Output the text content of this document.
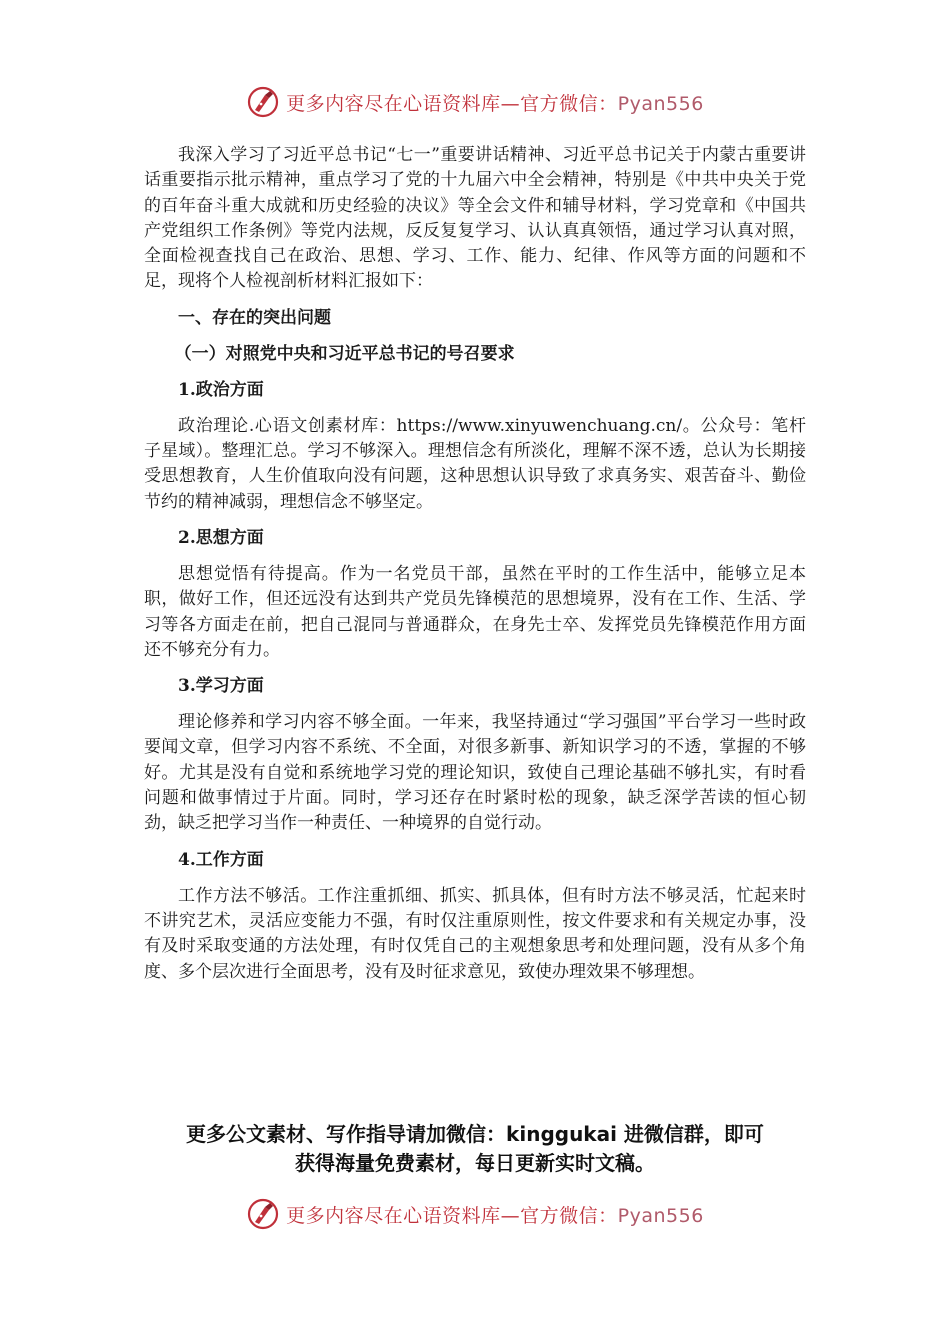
更多内容尽在心语资料库—官方微信：Pyan556

我深入学习了习近平总书记“七一”重要讲话精神、习近平总书记关于内蒙古重要讲话重要指示批示精神，重点学习了党的十九届六中全会精神，特别是《中共中央关于党的百年奋斗重大成就和历史经验的决议》等全会文件和辅导材料，学习党章和《中国共产党组织工作条例》等党内法规，反反复复学习、认认真真领悟，通过学习认真对照，全面检视查找自己在政治、思想、学习、工作、能力、纪律、作风等方面的问题和不足，现将个人检视剖析材料汇报如下：

一、存在的突出问题
（一）对照党中央和习近平总书记的号召要求
1.政治方面

政治理论.心语文创素材库：https://www.xinyuwenchuang.cn/。公众号：笔杆子星域）。整理汇总。学习不够深入。理想信念有所淡化，理解不深不透，总认为长期接受思想教育，人生价值取向没有问题，这种思想认识导致了求真务实、艰苦奋斗、勤俭节约的精神减弱，理想信念不够坚定。

2.思想方面

思想觉悟有待提高。作为一名党员干部，虽然在平时的工作生活中，能够立足本职，做好工作，但还远没有达到共产党员先锋模范的思想境界，没有在工作、生活、学习等各方面走在前，把自己混同与普通群众，在身先士卒、发挥党员先锋模范作用方面还不够充分有力。

3.学习方面

理论修养和学习内容不够全面。一年来，我坚持通过“学习强国”平台学习一些时政要闻文章，但学习内容不系统、不全面，对很多新事、新知识学习的不透，掌握的不够好。尤其是没有自觉和系统地学习党的理论知识，致使自己理论基础不够扎实，有时看问题和做事情过于片面。同时，学习还存在时紧时松的现象，缺乏深学苦读的恒心韧劲，缺乏把学习当作一种责任、一种境界的自觉行动。

4.工作方面

工作方法不够活。工作注重抓细、抓实、抓具体，但有时方法不够灵活，忙起来时不讲究艺术，灵活应变能力不强，有时仅注重原则性，按文件要求和有关规定办事，没有及时采取变通的方法处理，有时仅凭自己的主观想象思考和处理问题，没有从多个角度、多个层次进行全面思考，没有及时征求意见，致使办理效果不够理想。

更多公文素材、写作指导请加微信：kinggukai 进微信群，即可
获得海量免费素材，每日更新实时文稿。
更多内容尽在心语资料库—官方微信：Pyan556
